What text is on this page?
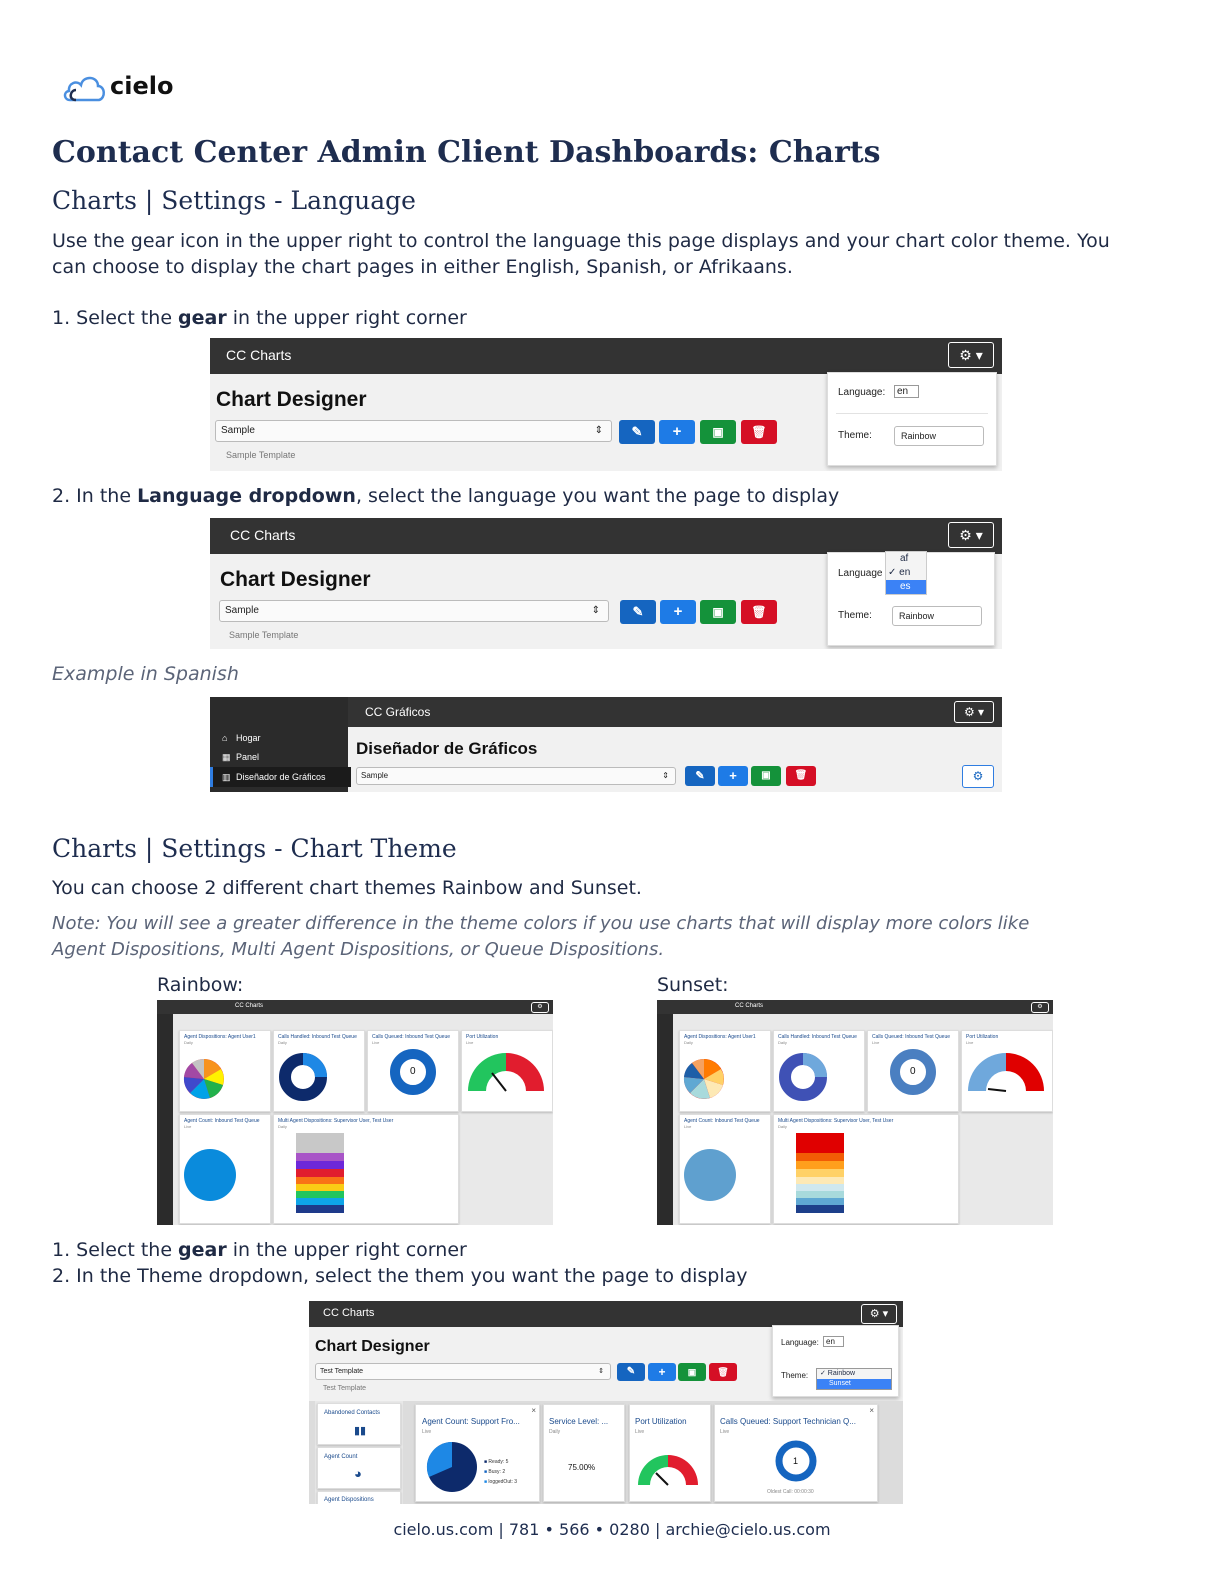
cielo
Contact Center Admin Client Dashboards: Charts
Charts | Settings - Language
Use the gear icon in the upper right to control the language this page displays and your chart color theme. You can choose to display the chart pages in either English, Spanish, or Afrikaans.
1. Select the gear in the upper right corner
CC Charts	⚙ ▾
Chart Designer
Sample	⇕
Sample Template
✎	+	▣	🗑
Language:	en
Theme:	Rainbow
2. In the Language dropdown, select the language you want the page to display
CC Charts	⚙ ▾
Chart Designer
Sample	⇕
Sample Template
✎	+	▣	🗑
Language
Theme:	Rainbow
af
✓ en
es
Example in Spanish
CC Gráficos	⚙ ▾
⌂ Hogar
▦ Panel
▥ Diseñador de Gráficos
Diseñador de Gráficos
Sample	⇕	✎	+	▣	🗑	⚙
Charts | Settings - Chart Theme
You can choose 2 different chart themes Rainbow and Sunset.
Note: You will see a greater difference in the theme colors if you use charts that will display more colors like Agent Dispositions, Multi Agent Dispositions, or Queue Dispositions.
Rainbow:	Sunset:
CC Charts	⚙
Agent Dispositions: Agent User1
Daily
Calls Handled: Inbound Test Queue
Daily
Calls Queued: Inbound Test Queue
Live
0
Port Utilization
Live
Agent Count: Inbound Test Queue
Live
Multi Agent Dispositions: Supervisor User, Test User
Daily
CC Charts	⚙
Agent Dispositions: Agent User1
Daily
Calls Handled: Inbound Test Queue
Daily
Calls Queued: Inbound Test Queue
Live
0
Port Utilization
Live
Agent Count: Inbound Test Queue
Live
Multi Agent Dispositions: Supervisor User, Test User
Daily
1. Select the gear in the upper right corner
2. In the Theme dropdown, select the them you want the page to display
CC Charts	⚙ ▾
Chart Designer
Test Template	⇕
Test Template
✎	+	▣	🗑
Language: en
Theme:	✓ Rainbow
Sunset
Abandoned Contacts
▮▮
Agent Count
◕
Agent Dispositions
Agent Count: Support Fro...
Live
×
■ Ready: 5
■ Busy: 2
■ loggedOut: 3
Service Level: ...
Daily
75.00%
Port Utilization
Live
Calls Queued: Support Technician Q...
Live
×
1
Oldest Call: 00:00:30
cielo.us.com | 781 • 566 • 0280 | archie@cielo.us.com
